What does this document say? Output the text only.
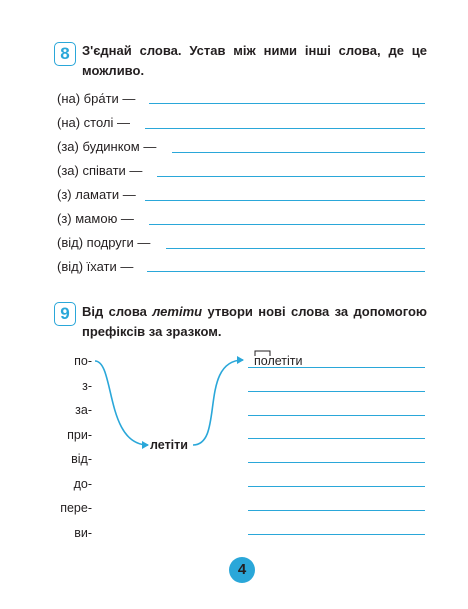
8 З'єднай слова. Устав між ними інші слова, де це
можливо.
(на) бра́ти —
(на) столі —
(за) будинком —
(за) співати —
(з) ламати —
(з) мамою —
(від) подруги —
(від) їхати —
9 Від слова летіти утвори нові слова за допомогою
префіксів за зразком.
по-
з-
за-
при-
від-
до-
пере-
ви-
летіти
полетіти
4
